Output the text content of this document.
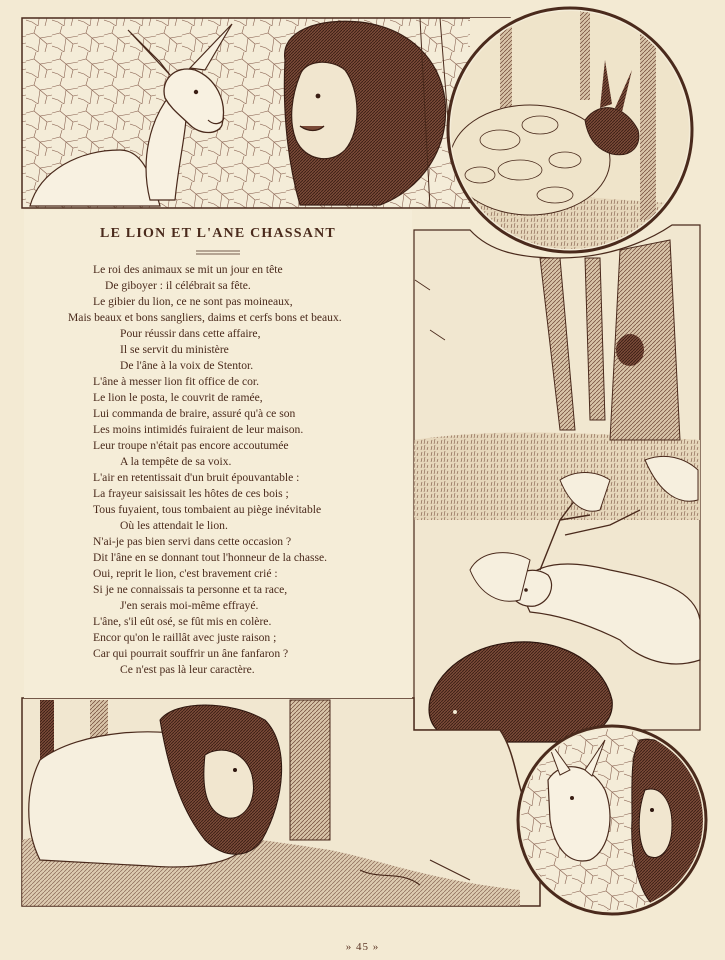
LE LION ET L'ANE CHASSANT
Le roi des animaux se mit un jour en tête
De giboyer : il célébrait sa fête.
Le gibier du lion, ce ne sont pas moineaux,
Mais beaux et bons sangliers, daims et cerfs bons et beaux.
Pour réussir dans cette affaire,
Il se servit du ministère
De l'âne à la voix de Stentor.
L'âne à messer lion fit office de cor.
Le lion le posta, le couvrit de ramée,
Lui commanda de braire, assuré qu'à ce son
Les moins intimidés fuiraient de leur maison.
Leur troupe n'était pas encore accoutumée
A la tempête de sa voix.
L'air en retentissait d'un bruit épouvantable :
La frayeur saisissait les hôtes de ces bois ;
Tous fuyaient, tous tombaient au piège inévitable
Où les attendait le lion.
N'ai-je pas bien servi dans cette occasion ?
Dit l'âne en se donnant tout l'honneur de la chasse.
Oui, reprit le lion, c'est bravement crié :
Si je ne connaissais ta personne et ta race,
J'en serais moi-même effrayé.
L'âne, s'il eût osé, se fût mis en colère.
Encor qu'on le raillât avec juste raison ;
Car qui pourrait souffrir un âne fanfaron ?
Ce n'est pas là leur caractère.
» 45 »
